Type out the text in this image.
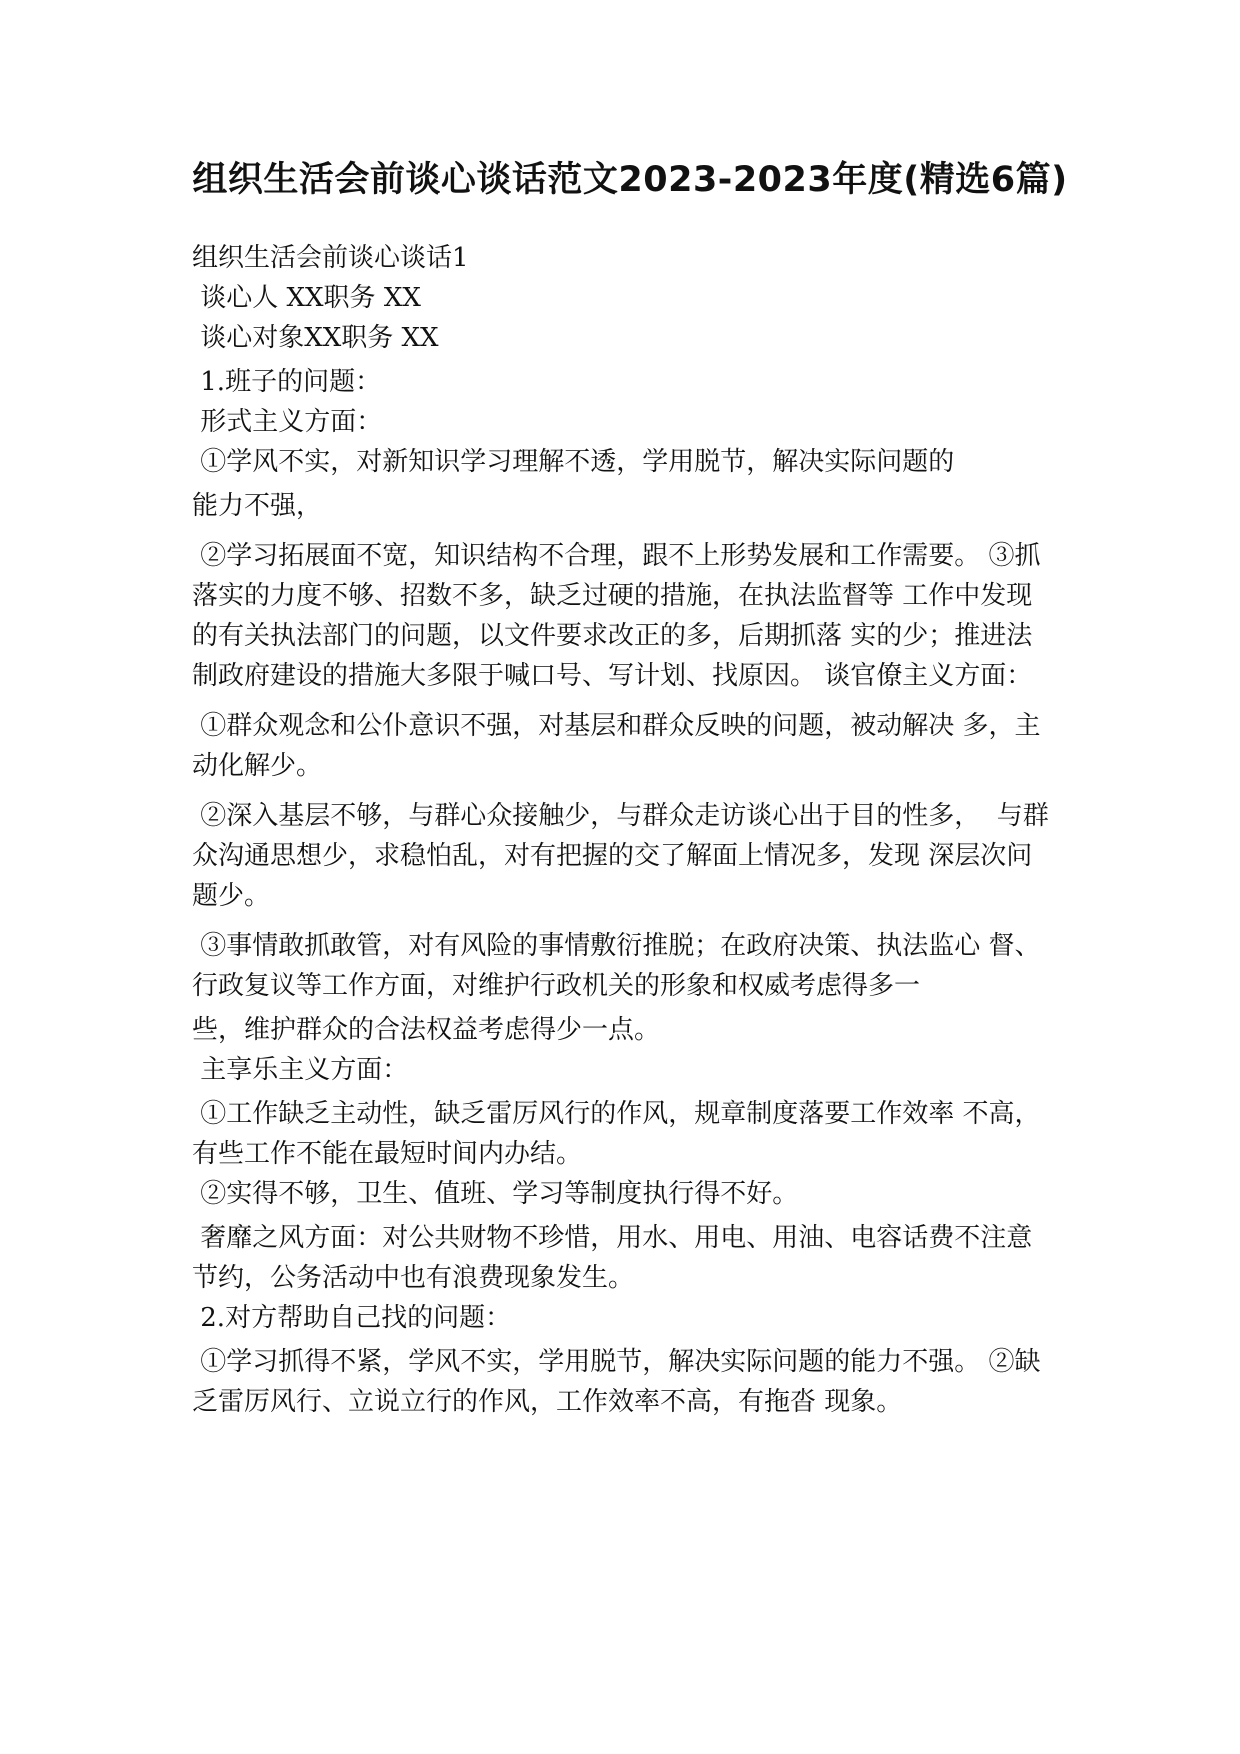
组织生活会前谈心谈话范文2023-2023年度(精选6篇)

组织生活会前谈心谈话1

谈心人 XX职务 XX

谈心对象XX职务 XX

1.班子的问题：

形式主义方面：

①学风不实，对新知识学习理解不透，学用脱节，解决实际问题的

能力不强，

②学习拓展面不宽，知识结构不合理，跟不上形势发展和工作需要。 ③抓落实的力度不够、招数不多，缺乏过硬的措施，在执法监督等 工作中发现的有关执法部门的问题，以文件要求改正的多，后期抓落 实的少；推进法制政府建设的措施大多限于喊口号、写计划、找原因。 谈官僚主义方面：

①群众观念和公仆意识不强，对基层和群众反映的问题，被动解决 多，主动化解少。

②深入基层不够，与群心众接触少，与群众走访谈心出于目的性多，  与群众沟通思想少，求稳怕乱，对有把握的交了解面上情况多，发现 深层次问题少。

③事情敢抓敢管，对有风险的事情敷衍推脱；在政府决策、执法监心 督、行政复议等工作方面，对维护行政机关的形象和权威考虑得多一

些，维护群众的合法权益考虑得少一点。

主享乐主义方面：

①工作缺乏主动性，缺乏雷厉风行的作风，规章制度落要工作效率 不高，有些工作不能在最短时间内办结。

②实得不够，卫生、值班、学习等制度执行得不好。

奢靡之风方面：对公共财物不珍惜，用水、用电、用油、电容话费不注意节约，公务活动中也有浪费现象发生。

2.对方帮助自己找的问题：

①学习抓得不紧，学风不实，学用脱节，解决实际问题的能力不强。 ②缺乏雷厉风行、立说立行的作风，工作效率不高，有拖沓 现象。
